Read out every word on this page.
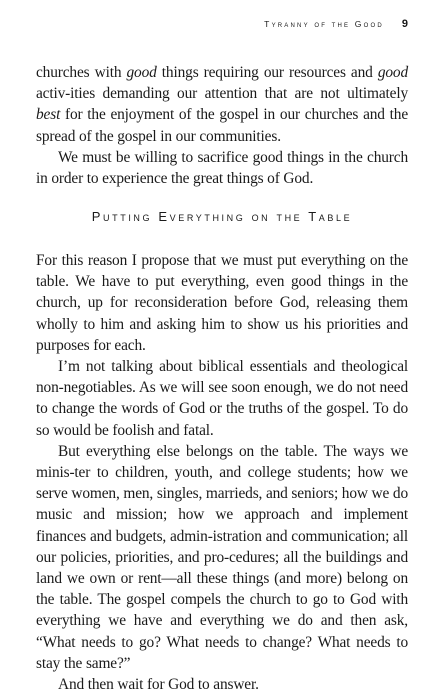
Tyranny of the Good 9

churches with good things requiring our resources and good activ-ities demanding our attention that are not ultimately best for the enjoyment of the gospel in our churches and the spread of the gospel in our communities.

We must be willing to sacrifice good things in the church in order to experience the great things of God.

Putting Everything on the Table

For this reason I propose that we must put everything on the table. We have to put everything, even good things in the church, up for reconsideration before God, releasing them wholly to him and asking him to show us his priorities and purposes for each.

I’m not talking about biblical essentials and theological non-negotiables. As we will see soon enough, we do not need to change the words of God or the truths of the gospel. To do so would be foolish and fatal.

But everything else belongs on the table. The ways we minis-ter to children, youth, and college students; how we serve women, men, singles, marrieds, and seniors; how we do music and mission; how we approach and implement finances and budgets, admin-istration and communication; all our policies, priorities, and pro-cedures; all the buildings and land we own or rent—all these things (and more) belong on the table. The gospel compels the church to go to God with everything we have and everything we do and then ask, “What needs to go? What needs to change? What needs to stay the same?”

And then wait for God to answer.
